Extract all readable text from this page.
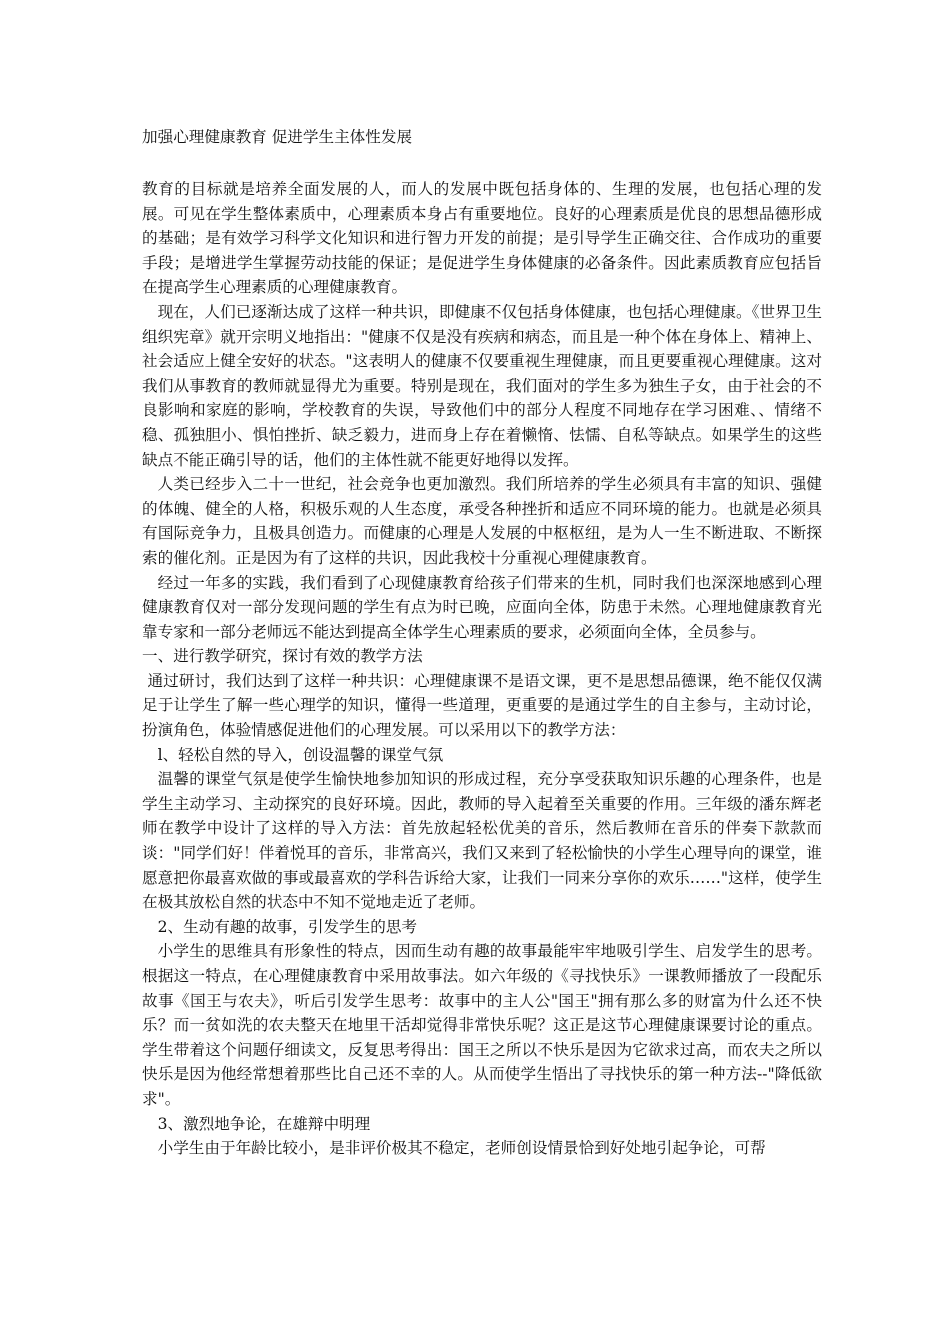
加强心理健康教育 促进学生主体性发展

教育的目标就是培养全面发展的人，而人的发展中既包括身体的、生理的发展，也包括心理的发展。可见在学生整体素质中，心理素质本身占有重要地位。良好的心理素质是优良的思想品德形成的基础；是有效学习科学文化知识和进行智力开发的前提；是引导学生正确交往、合作成功的重要手段；是增进学生掌握劳动技能的保证；是促进学生身体健康的必备条件。因此素质教育应包括旨在提高学生心理素质的心理健康教育。

现在，人们已逐渐达成了这样一种共识，即健康不仅包括身体健康，也包括心理健康。《世界卫生组织宪章》就开宗明义地指出："健康不仅是没有疾病和病态，而且是一种个体在身体上、精神上、社会适应上健全安好的状态。"这表明人的健康不仅要重视生理健康，而且更要重视心理健康。这对我们从事教育的教师就显得尤为重要。特别是现在，我们面对的学生多为独生子女，由于社会的不良影响和家庭的影响，学校教育的失误，导致他们中的部分人程度不同地存在学习困难、、情绪不稳、孤独胆小、惧怕挫折、缺乏毅力，进而身上存在着懒惰、怯懦、自私等缺点。如果学生的这些缺点不能正确引导的话，他们的主体性就不能更好地得以发挥。

人类已经步入二十一世纪，社会竞争也更加激烈。我们所培养的学生必须具有丰富的知识、强健的体魄、健全的人格，积极乐观的人生态度，承受各种挫折和适应不同环境的能力。也就是必须具有国际竞争力，且极具创造力。而健康的心理是人发展的中枢枢纽，是为人一生不断进取、不断探索的催化剂。正是因为有了这样的共识，因此我校十分重视心理健康教育。

经过一年多的实践，我们看到了心现健康教育给孩子们带来的生机，同时我们也深深地感到心理健康教育仅对一部分发现问题的学生有点为时已晚，应面向全体，防患于未然。心理地健康教育光靠专家和一部分老师远不能达到提高全体学生心理素质的要求，必须面向全体，全员参与。

一、进行教学研究，探讨有效的教学方法

通过研讨，我们达到了这样一种共识：心理健康课不是语文课，更不是思想品德课，绝不能仅仅满足于让学生了解一些心理学的知识，懂得一些道理，更重要的是通过学生的自主参与，主动讨论，扮演角色，体验情感促进他们的心理发展。可以采用以下的教学方法：

l、轻松自然的导入，创设温馨的课堂气氛

温馨的课堂气氛是使学生愉快地参加知识的形成过程，充分享受获取知识乐趣的心理条件，也是学生主动学习、主动探究的良好环境。因此，教师的导入起着至关重要的作用。三年级的潘东辉老师在教学中设计了这样的导入方法：首先放起轻松优美的音乐，然后教师在音乐的伴奏下款款而谈："同学们好！伴着悦耳的音乐，非常高兴，我们又来到了轻松愉快的小学生心理导向的课堂，谁愿意把你最喜欢做的事或最喜欢的学科告诉给大家，让我们一同来分享你的欢乐……"这样，使学生在极其放松自然的状态中不知不觉地走近了老师。

2、生动有趣的故事，引发学生的思考

小学生的思维具有形象性的特点，因而生动有趣的故事最能牢牢地吸引学生、启发学生的思考。根据这一特点，在心理健康教育中采用故事法。如六年级的《寻找快乐》一课教师播放了一段配乐故事《国王与农夫》，听后引发学生思考：故事中的主人公"国王"拥有那么多的财富为什么还不快乐？而一贫如洗的农夫整天在地里干活却觉得非常快乐呢？这正是这节心理健康课要讨论的重点。学生带着这个问题仔细读文，反复思考得出：国王之所以不快乐是因为它欲求过高，而农夫之所以快乐是因为他经常想着那些比自己还不幸的人。从而使学生悟出了寻找快乐的第一种方法--"降低欲求"。

3、激烈地争论，在雄辩中明理

小学生由于年龄比较小，是非评价极其不稳定，老师创设情景恰到好处地引起争论，可帮
